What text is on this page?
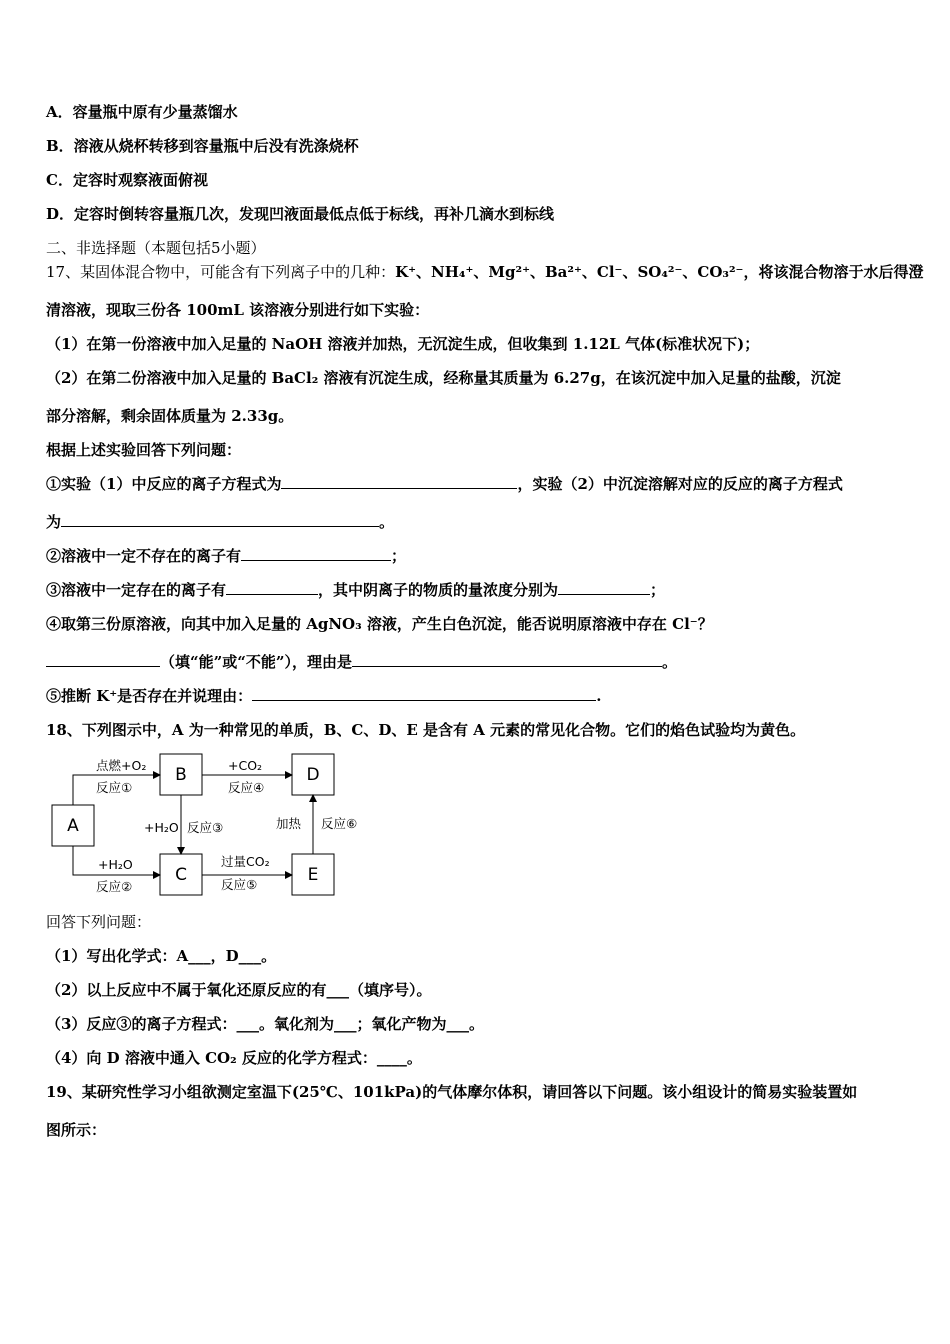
A．容量瓶中原有少量蒸馏水
B．溶液从烧杯转移到容量瓶中后没有洗涤烧杯
C．定容时观察液面俯视
D．定容时倒转容量瓶几次，发现凹液面最低点低于标线，再补几滴水到标线
二、非选择题（本题包括5小题）
17、某固体混合物中，可能含有下列离子中的几种：K⁺、NH₄⁺、Mg²⁺、Ba²⁺、Cl⁻、SO₄²⁻、CO₃²⁻，将该混合物溶于水后得澄
清溶液，现取三份各 100mL 该溶液分别进行如下实验：
（1）在第一份溶液中加入足量的 NaOH 溶液并加热，无沉淀生成，但收集到 1.12L 气体(标准状况下)；
（2）在第二份溶液中加入足量的 BaCl₂ 溶液有沉淀生成，经称量其质量为 6.27g，在该沉淀中加入足量的盐酸，沉淀
部分溶解，剩余固体质量为 2.33g。
根据上述实验回答下列问题：
①实验（1）中反应的离子方程式为	，实验（2）中沉淀溶解对应的反应的离子方程式
为	。
②溶液中一定不存在的离子有	；
③溶液中一定存在的离子有	，其中阴离子的物质的量浓度分别为	；
④取第三份原溶液，向其中加入足量的 AgNO₃ 溶液，产生白色沉淀，能否说明原溶液中存在 Cl⁻？
（填“能”或“不能”），理由是	。
⑤推断 K⁺是否存在并说理由：	.
18、下列图示中，A 为一种常见的单质，B、C、D、E 是含有 A 元素的常见化合物。它们的焰色试验均为黄色。
A
B
C
D
E
点燃+O₂
反应①
+H₂O
反应②
+H₂O 反应③
+CO₂
反应④
过量CO₂
反应⑤
加热 反应⑥
回答下列问题：
（1）写出化学式：A___，D___。
（2）以上反应中不属于氧化还原反应的有___（填序号）。
（3）反应③的离子方程式：___。氧化剂为___；氧化产物为___。
（4）向 D 溶液中通入 CO₂ 反应的化学方程式：____。
19、某研究性学习小组欲测定室温下(25℃、101kPa)的气体摩尔体积，请回答以下问题。该小组设计的简易实验装置如
图所示：
